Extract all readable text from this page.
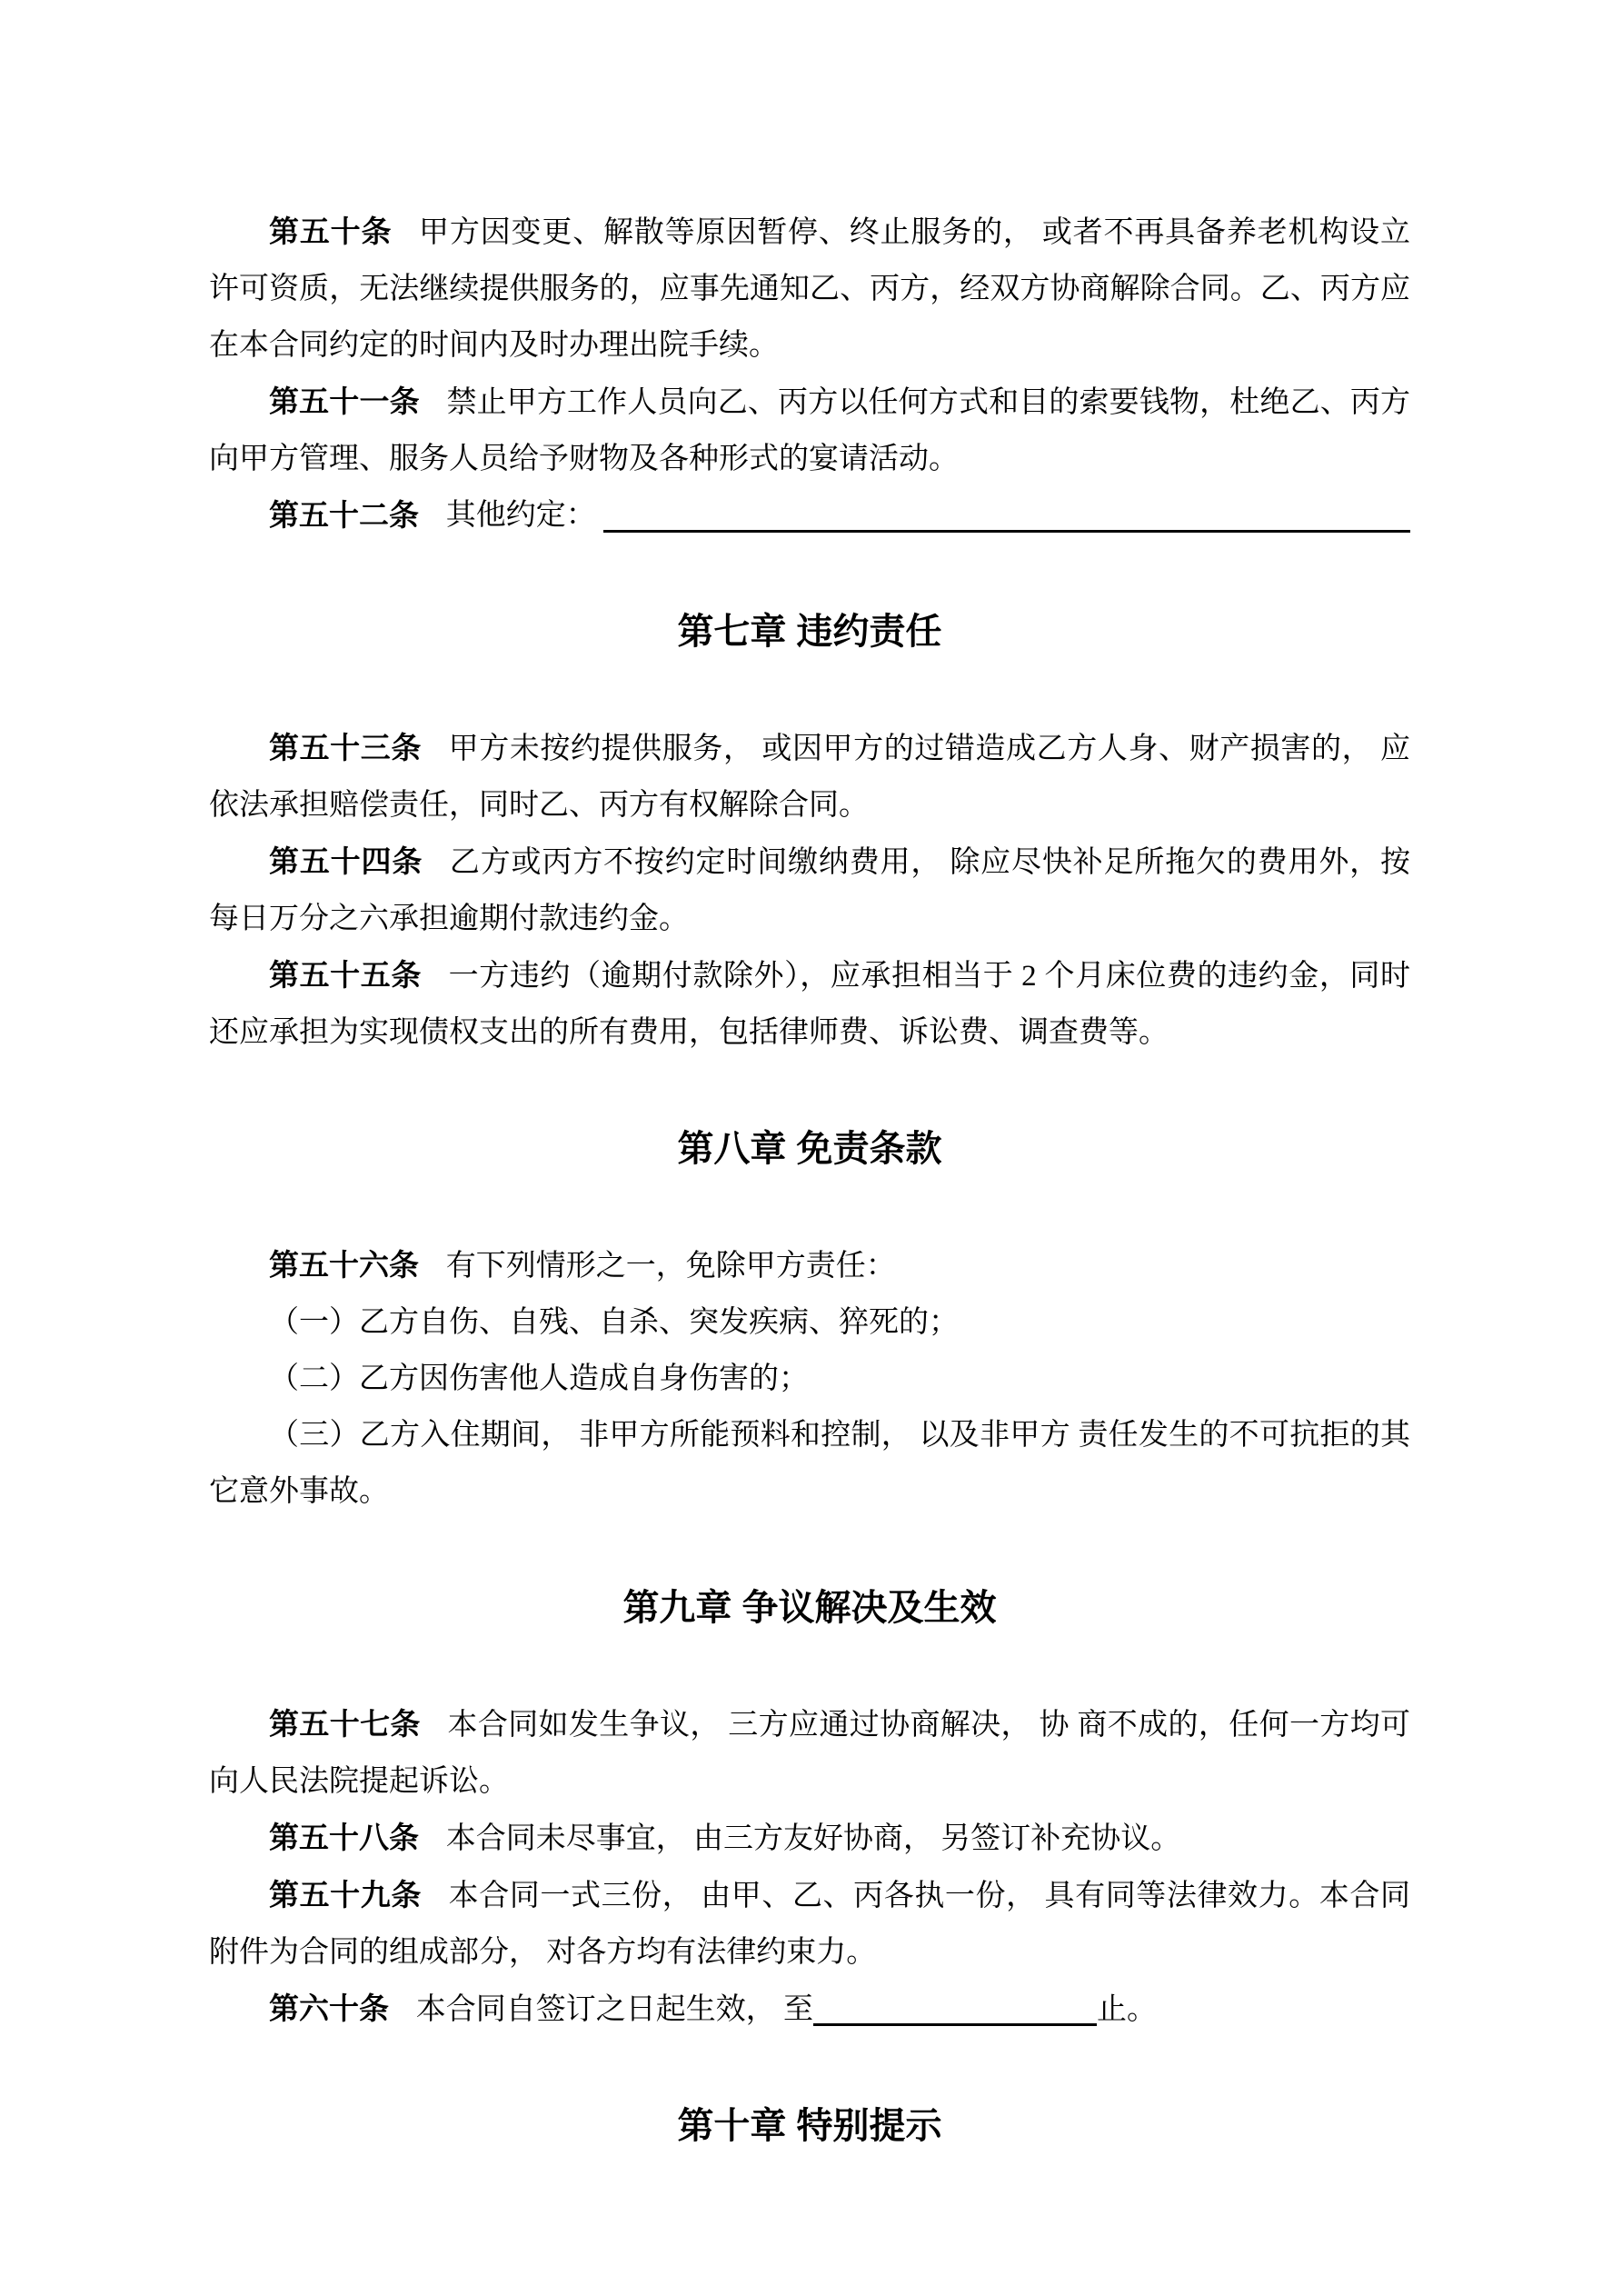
第五十条 甲方因变更、解散等原因暂停、终止服务的， 或者不再具备养老机构设立许可资质，无法继续提供服务的，应事先通知乙、丙方，经双方协商解除合同。乙、丙方应在本合同约定的时间内及时办理出院手续。

第五十一条 禁止甲方工作人员向乙、丙方以任何方式和目的索要钱物，杜绝乙、丙方向甲方管理、服务人员给予财物及各种形式的宴请活动。

第五十二条 其他约定：

第七章 违约责任

第五十三条 甲方未按约提供服务， 或因甲方的过错造成乙方人身、财产损害的， 应依法承担赔偿责任，同时乙、丙方有权解除合同。

第五十四条 乙方或丙方不按约定时间缴纳费用， 除应尽快补足所拖欠的费用外，按每日万分之六承担逾期付款违约金。

第五十五条 一方违约（逾期付款除外），应承担相当于 2 个月床位费的违约金，同时还应承担为实现债权支出的所有费用，包括律师费、诉讼费、调查费等。

第八章 免责条款

第五十六条 有下列情形之一，免除甲方责任：

（一）乙方自伤、自残、自杀、突发疾病、猝死的；

（二）乙方因伤害他人造成自身伤害的；

（三）乙方入住期间， 非甲方所能预料和控制， 以及非甲方 责任发生的不可抗拒的其它意外事故。

第九章 争议解决及生效

第五十七条 本合同如发生争议， 三方应通过协商解决， 协 商不成的，任何一方均可向人民法院提起诉讼。

第五十八条 本合同未尽事宜， 由三方友好协商， 另签订补充协议。

第五十九条 本合同一式三份， 由甲、乙、丙各执一份， 具有同等法律效力。本合同附件为合同的组成部分， 对各方均有法律约束力。

第六十条 本合同自签订之日起生效， 至	止。

第十章 特别提示
